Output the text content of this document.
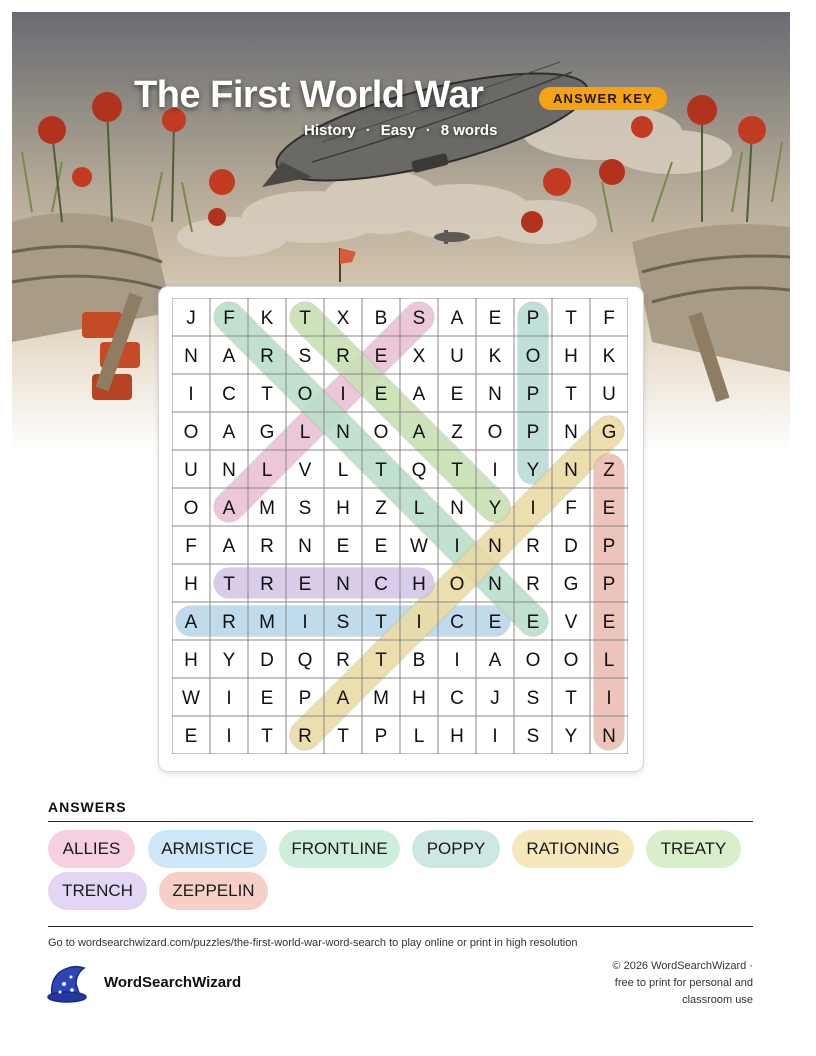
The First World War	ANSWER KEY
History · Easy · 8 words
J F K T X B S A E P T F
N A R S R E X U K O H K
I C T O I E A E N P T U
O A G L N O A Z O P N G
U N L V L T Q T I Y N Z
O A M S H Z L N Y I F E
F A R N E E W I N R D P
H T R E N C H O N R G P
A R M I S T I C E E V E
H Y D Q R T B I A O O L
W I E P A M H C J S T I
E I T R T P L H I S Y N
ANSWERS
ALLIES	ARMISTICE	FRONTLINE	POPPY	RATIONING	TREATY
TRENCH	ZEPPELIN
Go to wordsearchwizard.com/puzzles/the-first-world-war-word-search to play online or print in high resolution
WordSearchWizard
© 2026 WordSearchWizard ·
free to print for personal and
classroom use
